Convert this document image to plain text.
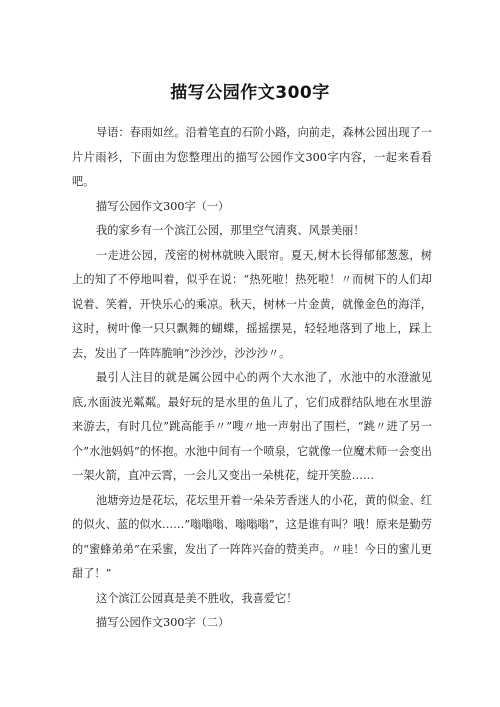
描写公园作文300字

导语：春雨如丝。沿着笔直的石阶小路，向前走，森林公园出现了一片片雨衫，下面由为您整理出的描写公园作文300字内容，一起来看看吧。

描写公园作文300字（一）

我的家乡有一个滨江公园，那里空气清爽、风景美丽！

一走进公园，茂密的树林就映入眼帘。夏天,树木长得郁郁葱葱，树上的知了不停地叫着，似乎在说：“热死啦！热死啦！〃而树下的人们却说着、笑着，开快乐心的乘凉。秋天，树林一片金黄，就像金色的海洋，这时，树叶像一只只飘舞的蝴蝶，摇摇摆晃，轻轻地落到了地上，踩上去，发出了一阵阵脆响”沙沙沙，沙沙沙〃。

最引人注目的就是属公园中心的两个大水池了，水池中的水澄澈见底,水面波光粼粼。最好玩的是水里的鱼儿了，它们成群结队地在水里游来游去，有时几位”跳高能手〃”嗖〃地一声射出了围栏，“跳〃进了另一个”水池妈妈”的怀抱。水池中间有一个喷泉，它就像一位魔术师一会变出一架火箭，直冲云霄，一会儿又变出一朵桃花，绽开笑脸……

池塘旁边是花坛，花坛里开着一朵朵芳香迷人的小花，黄的似金、红的似火、蓝的似水……”嗡嗡嗡、嗡嗡嗡”，这是谁有叫？哦！原来是勤劳的“蜜蜂弟弟”在采蜜，发出了一阵阵兴奋的赞美声。〃哇！今日的蜜儿更甜了！”

这个滨江公园真是美不胜收，我喜爱它！

描写公园作文300字（二）
